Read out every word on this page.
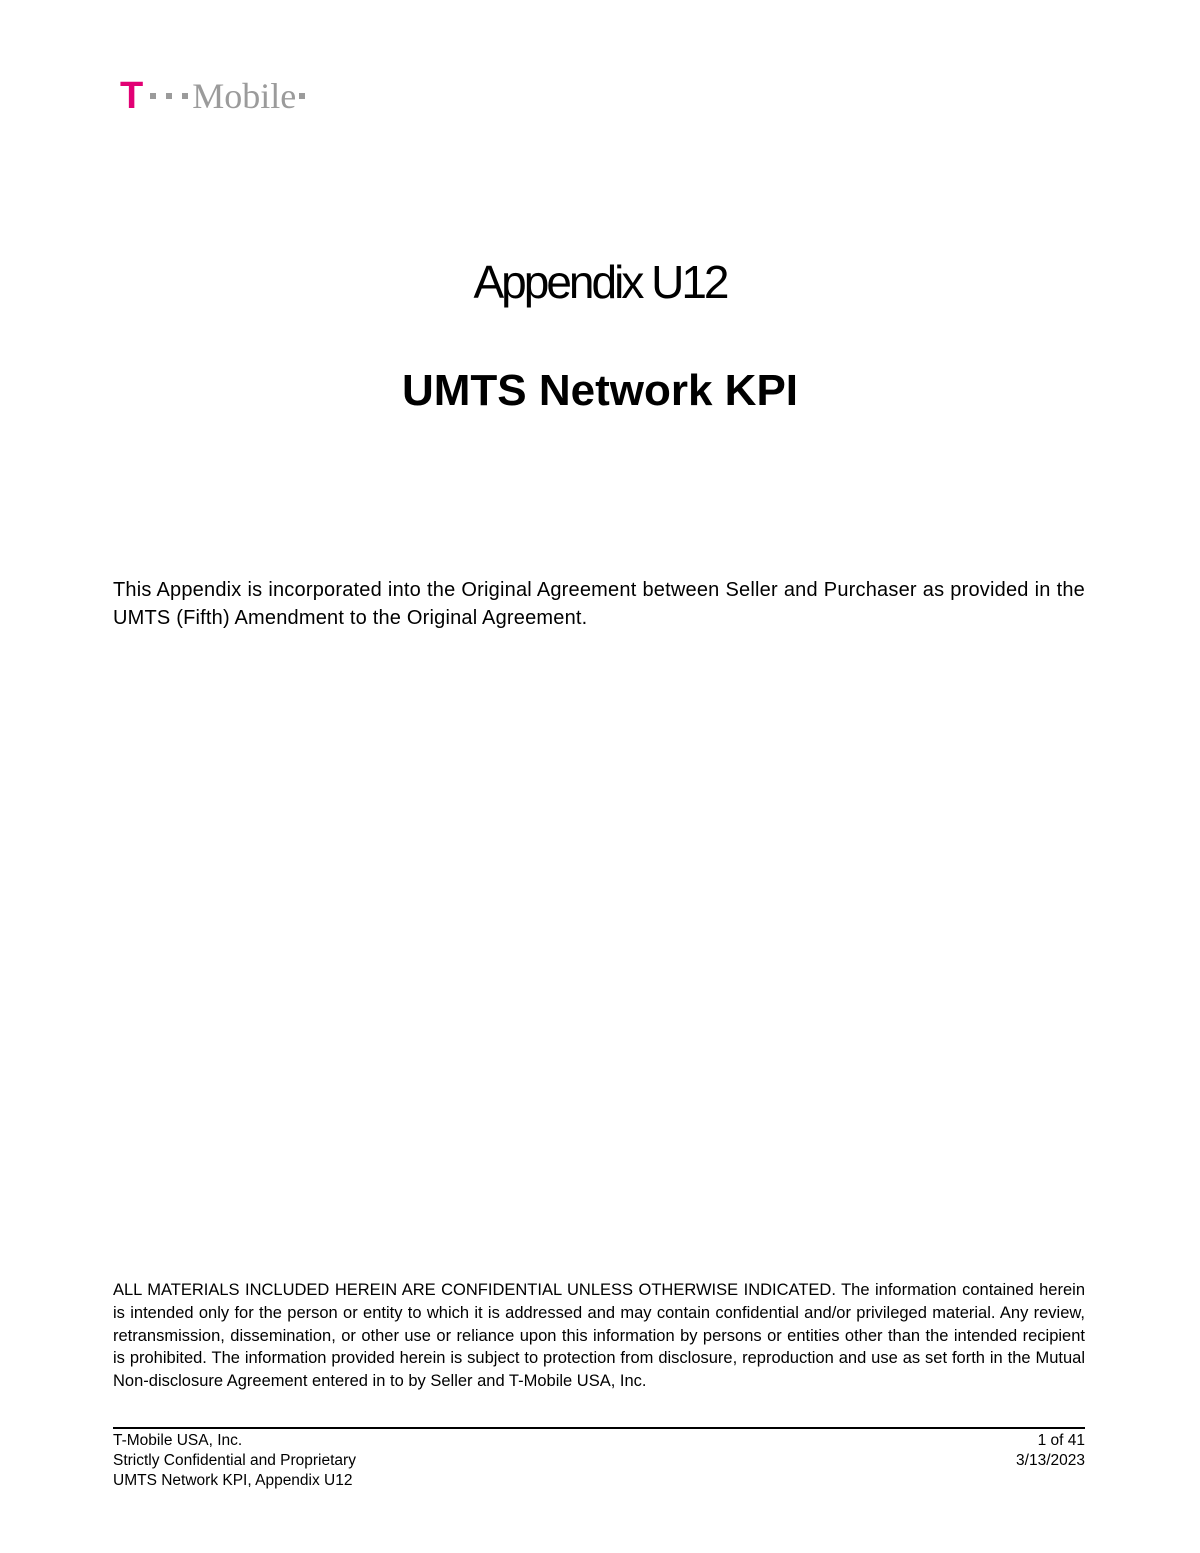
T Mobile
Appendix U12
UMTS Network KPI

This Appendix is incorporated into the Original Agreement between Seller and Purchaser as provided in the UMTS (Fifth) Amendment to the Original Agreement.

ALL MATERIALS INCLUDED HEREIN ARE CONFIDENTIAL UNLESS OTHERWISE INDICATED. The information contained herein is intended only for the person or entity to which it is addressed and may contain confidential and/or privileged material. Any review, retransmission, dissemination, or other use or reliance upon this information by persons or entities other than the intended recipient is prohibited. The information provided herein is subject to protection from disclosure, reproduction and use as set forth in the Mutual Non-disclosure Agreement entered in to by Seller and T-Mobile USA, Inc.

T-Mobile USA, Inc.
Strictly Confidential and Proprietary
UMTS Network KPI, Appendix U12
1 of 41
3/13/2023
